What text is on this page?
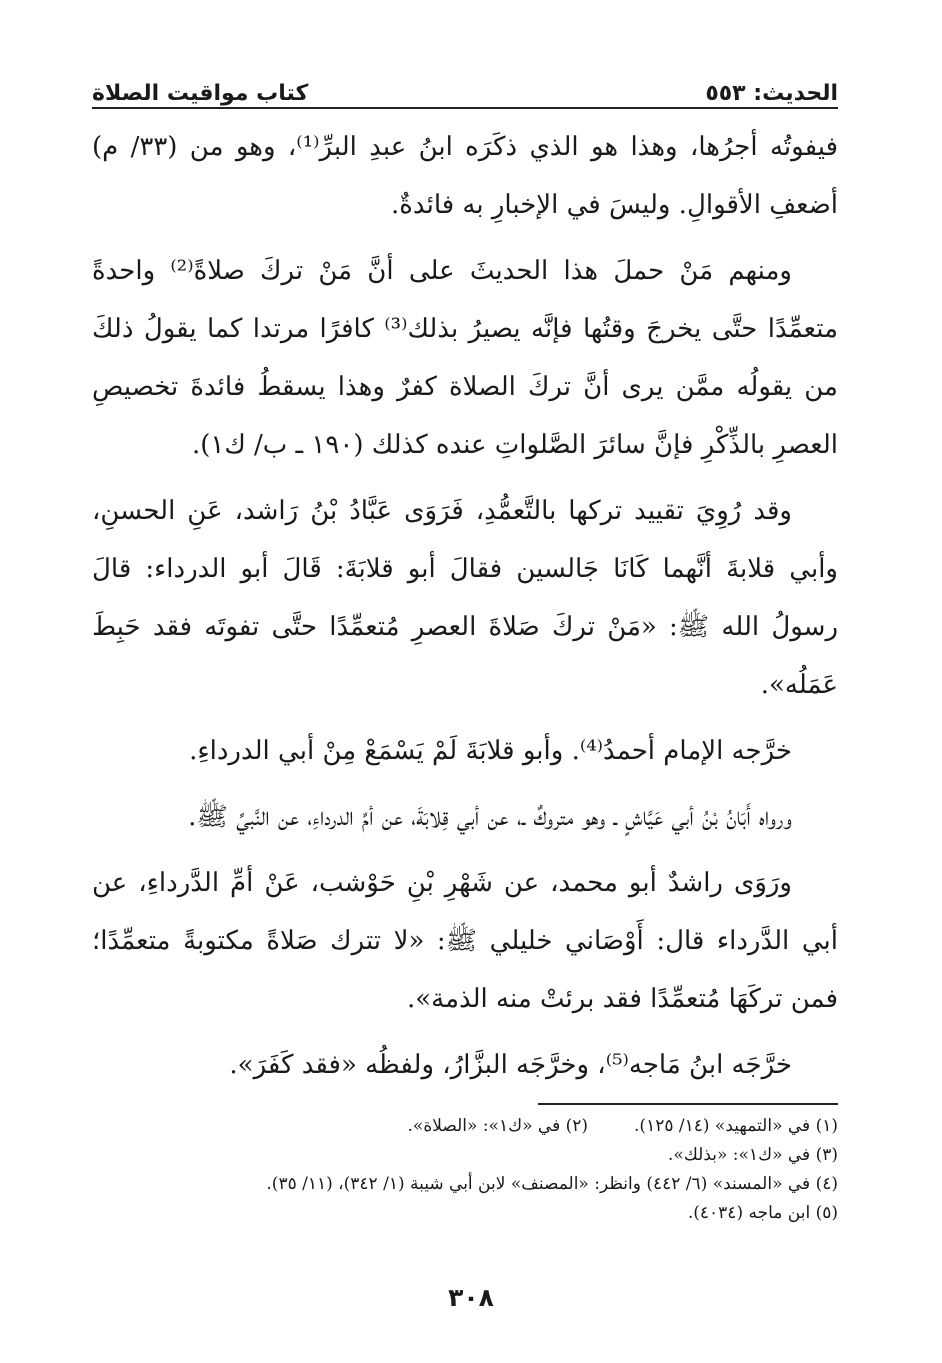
الحديث: ٥٥٣
كتاب مواقيت الصلاة

فيفوتُه أجرُها، وهذا هو الذي ذكَرَه ابنُ عبدِ البرِّ⁽¹⁾، وهو من (٣٣/ م) أضعفِ الأقوالِ. وليسَ في الإخبارِ به فائدةٌ.

ومنهم مَنْ حملَ هذا الحديثَ على أنَّ مَنْ تركَ صلاةً⁽²⁾ واحدةً متعمِّدًا حتَّى يخرجَ وقتُها فإنَّه يصيرُ بذلك⁽³⁾ كافرًا مرتدا كما يقولُ ذلكَ من يقولُه ممَّن يرى أنَّ تركَ الصلاة كفرٌ وهذا يسقطُ فائدةَ تخصيصِ العصرِ بالذِّكْرِ فإنَّ سائرَ الصَّلواتِ عنده كذلك (١٩٠ ـ ب/ ك١).

وقد رُوِيَ تقييد تركها بالتَّعمُّدِ، فَرَوَى عَبَّادُ بْنُ رَاشد، عَنِ الحسنِ، وأبي قلابةَ أنَّهما كَانَا جَالسين فقالَ أبو قلابَةَ: قَالَ أبو الدرداء: قالَ رسولُ الله ﷺ: «مَنْ تركَ صَلاةَ العصرِ مُتعمِّدًا حتَّى تفوتَه فقد حَبِطَ عَمَلُه».

خرَّجه الإمام أحمدُ⁽⁴⁾. وأبو قلابَةَ لَمْ يَسْمَعْ مِنْ أبي الدرداءِ.

ورواه أَبَانُ بْنُ أبي عَيَّاشٍ ـ وهو متروكٌ ـ، عن أبي قِلابَةَ، عن أمِّ الدرداءِ، عن النَّبيِّ ﷺ.

ورَوَى راشدٌ أبو محمد، عن شَهْرِ بْنِ حَوْشب، عَنْ أمِّ الدَّرداءِ، عن أبي الدَّرداء قال: أَوْصَاني خليلي ﷺ: «لا تترك صَلاةً مكتوبةً متعمِّدًا؛ فمن تركَهَا مُتعمِّدًا فقد برئتْ منه الذمة».

خرَّجَه ابنُ مَاجه⁽⁵⁾، وخرَّجَه البزَّارُ، ولفظُه «فقد كَفَرَ».

(١) في «التمهيد» (١٤/ ١٢٥).
(٢) في «ك١»: «الصلاة».
(٣) في «ك١»: «بذلك».
(٤) في «المسند» (٦/ ٤٤٢) وانظر: «المصنف» لابن أبي شيبة (١/ ٣٤٢)، (١١/ ٣٥).
(٥) ابن ماجه (٤٠٣٤).
٣٠٨
